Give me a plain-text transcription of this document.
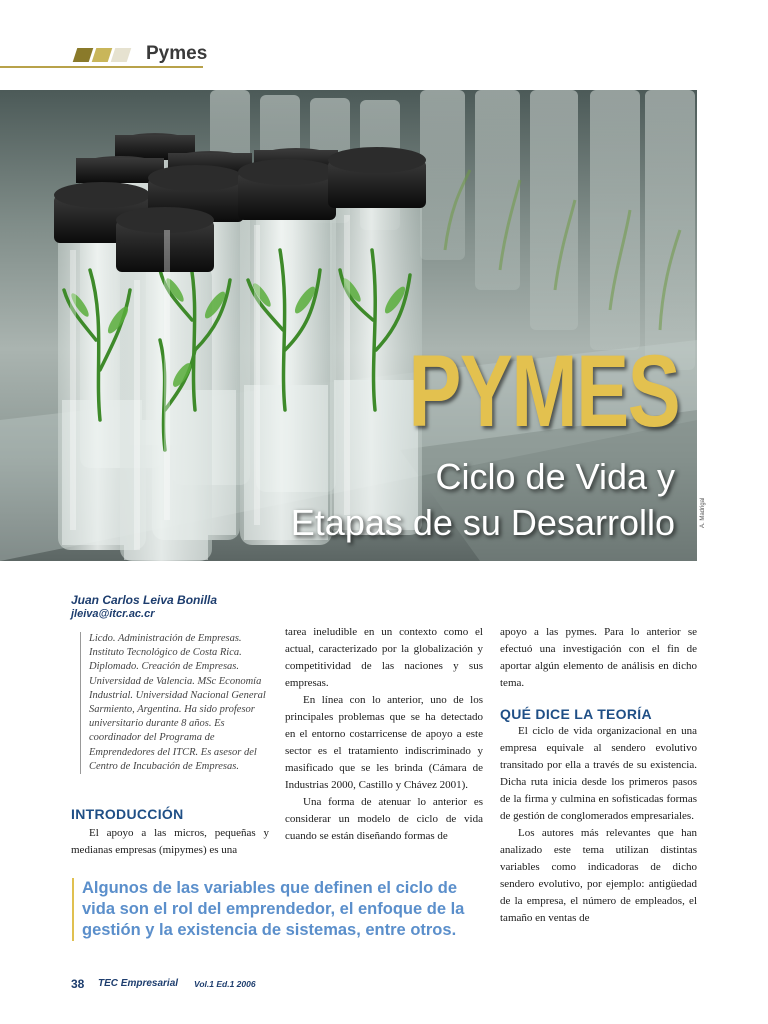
Pymes
PYMES
Ciclo de Vida y
Etapas de su Desarrollo	A. Madrigal
Juan Carlos Leiva Bonilla
jleiva@itcr.ac.cr
Licdo. Administración de Empresas. Instituto Tecnológico de Costa Rica. Diplomado. Creación de Empresas. Universidad de Valencia. MSc Economía Industrial. Universidad Nacional General Sarmiento, Argentina. Ha sido profesor universitario durante 8 años. Es coordinador del Programa de Emprendedores del ITCR. Es asesor del Centro de Incubación de Empresas.
INTRODUCCIÓN

El apoyo a las micros, pequeñas y medianas empresas (mipymes) es una

tarea ineludible en un contexto como el actual, caracterizado por la globalización y competitividad de las naciones y sus empresas.

En línea con lo anterior, uno de los principales problemas que se ha detectado en el entorno costarricense de apoyo a este sector es el tratamiento indiscriminado y masificado que se les brinda (Cámara de Industrias 2000, Castillo y Chávez 2001).

Una forma de atenuar lo anterior es considerar un modelo de ciclo de vida cuando se están diseñando formas de

apoyo a las pymes. Para lo anterior se efectuó una investigación con el fin de aportar algún elemento de análisis en dicho tema.

QUÉ DICE LA TEORÍA

El ciclo de vida organizacional en una empresa equivale al sendero evolutivo transitado por ella a través de su existencia. Dicha ruta inicia desde los primeros pasos de la firma y culmina en sofisticadas formas de gestión de conglomerados empresariales.

Los autores más relevantes que han analizado este tema utilizan distintas variables como indicadoras de dicho sendero evolutivo, por ejemplo: antigüedad de la empresa, el número de empleados, el tamaño en ventas de

Algunos de las variables que definen el ciclo de vida son el rol del emprendedor, el enfoque de la gestión y la existencia de sistemas, entre otros.
38 TEC Empresarial Vol.1 Ed.1 2006
